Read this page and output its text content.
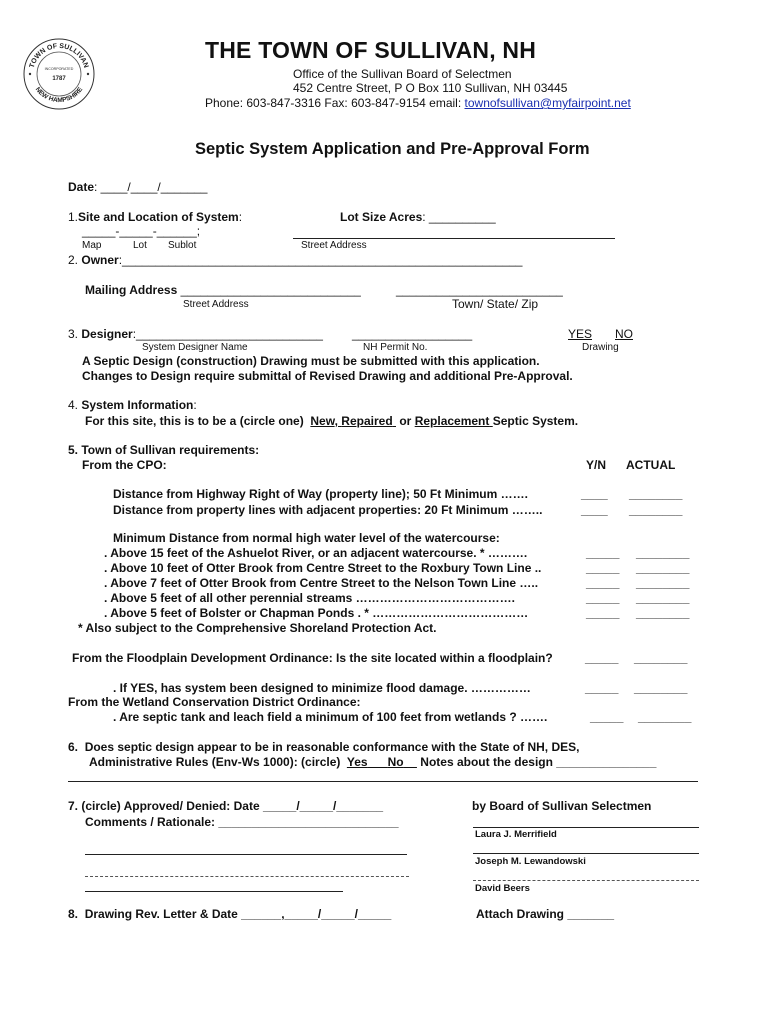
TOWN OF SULLIVAN
NEW HAMPSHIRE
INCORPORATED
1787
THE TOWN OF SULLIVAN, NH
Office of the Sullivan Board of Selectmen
452 Centre Street, P O Box 110 Sullivan, NH 03445
Phone: 603-847-3316 Fax: 603-847-9154 email: townofsullivan@myfairpoint.net
Septic System Application and Pre-Approval Form
Date: ____/____/_______
1.Site and Location of System:	Lot Size Acres: __________
_____-_____-______;
Map	Lot Sublot	Street Address
2. Owner:____________________________________________________________
Mailing Address ___________________________	_________________________
Street Address	Town/ State/ Zip
3. Designer:____________________________ __________________	YES NO
System Designer Name	NH Permit No.	Drawing
A Septic Design (construction) Drawing must be submitted with this application.
Changes to Design require submittal of Revised Drawing and additional Pre-Approval.
4. System Information:
For this site, this is to be a (circle one) New, Repaired or Replacement Septic System.
5. Town of Sullivan requirements:
From the CPO:	Y/N ACTUAL
Distance from Highway Right of Way (property line); 50 Ft Minimum …….	____ ________
Distance from property lines with adjacent properties: 20 Ft Minimum ……..	____ ________
Minimum Distance from normal high water level of the watercourse:
. Above 15 feet of the Ashuelot River, or an adjacent watercourse. * ……….	_____ ________
. Above 10 feet of Otter Brook from Centre Street to the Roxbury Town Line ..	_____ ________
. Above 7 feet of Otter Brook from Centre Street to the Nelson Town Line …..	_____ ________
. Above 5 feet of all other perennial streams ………………………………….	_____ ________
. Above 5 feet of Bolster or Chapman Ponds . * …………………………………	_____ ________
* Also subject to the Comprehensive Shoreland Protection Act.
From the Floodplain Development Ordinance: Is the site located within a floodplain?	_____ ________
. If YES, has system been designed to minimize flood damage. ……………	_____ ________
From the Wetland Conservation District Ordinance:
. Are septic tank and leach field a minimum of 100 feet from wetlands ? …….	_____ ________
6. Does septic design appear to be in reasonable conformance with the State of NH, DES,
Administrative Rules (Env-Ws 1000): (circle) Yes No Notes about the design _______________
7. (circle) Approved/ Denied: Date _____/_____/_______
Comments / Rationale: ___________________________
by Board of Sullivan Selectmen
Laura J. Merrifield
Joseph M. Lewandowski
David Beers
8. Drawing Rev. Letter & Date ______,_____/_____/_____	Attach Drawing _______
